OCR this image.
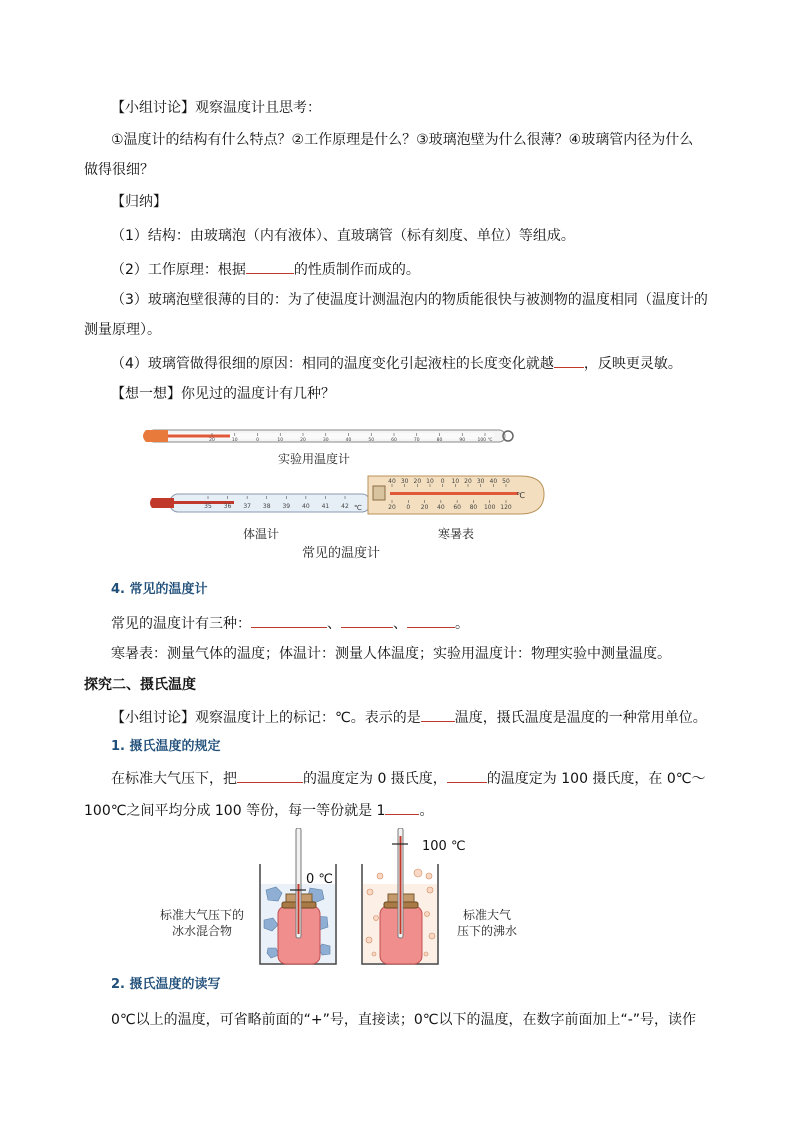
【小组讨论】观察温度计且思考：
①温度计的结构有什么特点？②工作原理是什么？③玻璃泡壁为什么很薄？④玻璃管内径为什么
做得很细？
【归纳】
（1）结构：由玻璃泡（内有液体）、直玻璃管（标有刻度、单位）等组成。
（2）工作原理：根据	的性质制作而成的。
（3）玻璃泡壁很薄的目的：为了使温度计测温泡内的物质能很快与被测物的温度相同（温度计的
测量原理）。
（4）玻璃管做得很细的原因：相同的温度变化引起液柱的长度变化就越 ，反映更灵敏。
【想一想】你见过的温度计有几种？
20	10	0	10	20	30	40	50	60	70	80	90	100 ℃
35 36 37 38 39 40 41 42 ℃
40 30 20 10 0 10 20 30 40 50
20 0 20 40 60 80 100 120
℃
实验用温度计
体温计	寒暑表
常见的温度计
4. 常见的温度计
常见的温度计有三种：	、	、	。
寒暑表：测量气体的温度；体温计：测量人体温度；实验用温度计：物理实验中测量温度。
探究二、摄氏温度
【小组讨论】观察温度计上的标记：℃。表示的是 温度，摄氏温度是温度的一种常用单位。
1. 摄氏温度的规定
在标准大气压下，把	的温度定为 0 摄氏度，	的温度定为 100 摄氏度，在 0℃～
100℃之间平均分成 100 等份，每一等份就是 1 。
0 ℃
100 ℃
标准大气压下的
冰水混合物
标准大气
压下的沸水
2. 摄氏温度的读写
0℃以上的温度，可省略前面的“+”号，直接读；0℃以下的温度，在数字前面加上“-”号，读作
